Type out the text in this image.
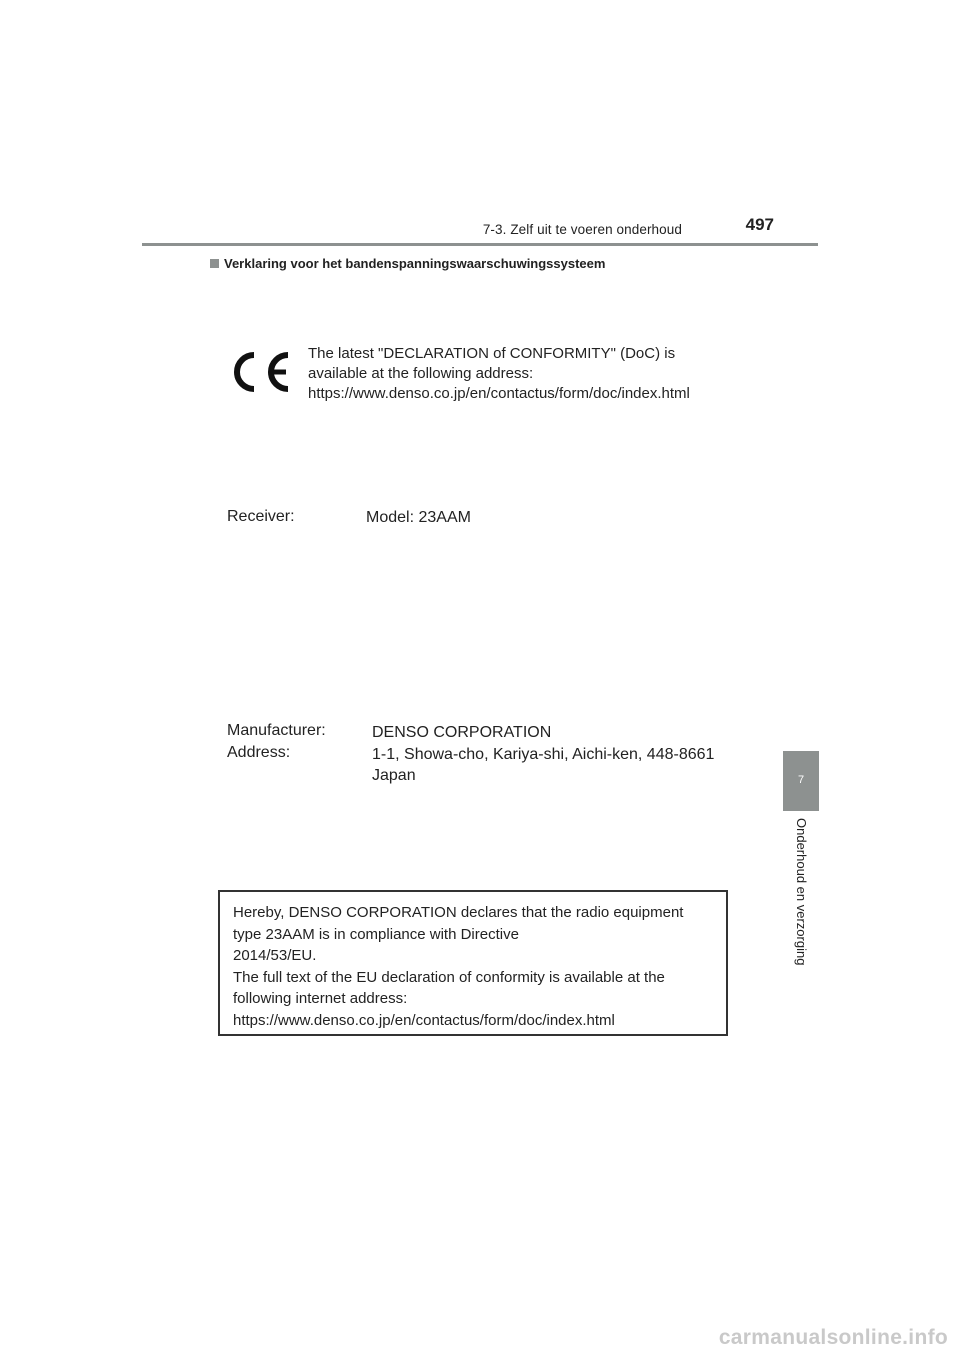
7-3. Zelf uit te voeren onderhoud	497
7
Onderhoud en verzorging
Verklaring voor het bandenspanningswaarschuwingssysteem
The latest "DECLARATION of CONFORMITY" (DoC) is
available at the following address:
https://www.denso.co.jp/en/contactus/form/doc/index.html
Receiver:	Model: 23AAM
Manufacturer:
Address:
DENSO CORPORATION
1-1, Showa-cho, Kariya-shi, Aichi-ken, 448-8661
Japan
Hereby, DENSO CORPORATION declares that the radio equipment
type 23AAM is in compliance with Directive
2014/53/EU.
The full text of the EU declaration of conformity is available at the
following internet address:
https://www.denso.co.jp/en/contactus/form/doc/index.html
carmanualsonline.info
